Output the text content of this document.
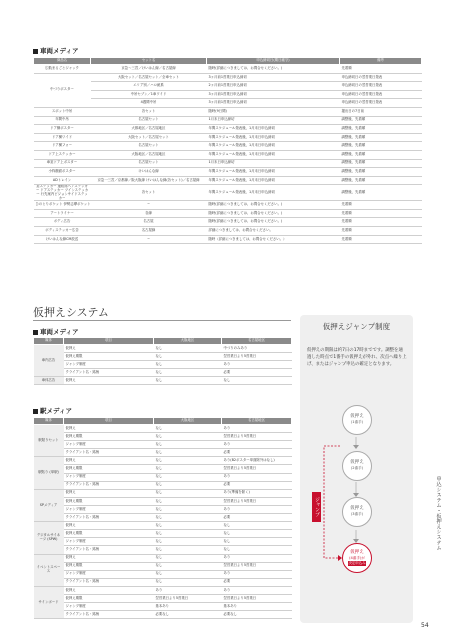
車両メディア
商品名	セット名	申込締切日(期日厳守)	備考
広軌まるごとジャック	京急〜三宮／けいはん線／名古屋線	随時(詳細につきましては、お問合せください。)	先着順
中づりポスター	大阪セット／名古屋セット／全車セット	3ヵ月前1営業日申込締切	申込締切日の翌営業日発表
	エリア別／ハロ統系	2ヵ月前1営業日申込締切	申込締切日の翌営業日発表
	中吊セブン／1車ワイド	3ヵ月前1営業日申込締切	申込締切日の翌営業日発表
	4週間中吊	3ヵ月前1営業日申込締切	申込締切日の翌営業日発表
スポット中吊	各セット	随時(9日間)	掲出日の7日前
年間中吊	名古屋セット	1月末日申込締切	調整後、先着順
ドア横ポスター	大都地区／名古屋地区	年間スケジュール発表後、1月末日申込締切	調整後、先着順
ドア横ワイド	大阪セット／名古屋セット	年間スケジュール発表後、1月末日申込締切	調整後、先着順
ドア横フォー	名古屋セット	年間スケジュール発表後、1月末日申込締切	調整後、先着順
ドア上ステッカー	大阪地区／名古屋地区	年間スケジュール発表後、1月末日申込締切	調整後、先着順
車窓ドア上ポスター	名古屋セット	1月末日申込締切	調整後、先着順
小枠額面ポスター	けいはんな線	年間スケジュール発表後、1月末日申込締切	調整後、先着順
ADトレイン	京急一三宮／京都線／阪大阪線 けいはんな線(各セット)／名古屋線	年間スケジュール発表後、1月末日申込締切	調整後、先着順
窓ステッカー 運転席ヘアステッカー ドアステッカー ツインステッカー 行先案内ビジョンサイドステッカー	各セット	年間スケジュール発表後、1月末日申込締切	調整後、先着順
ひのとりポケット 伊勢志摩ポケット	−	随時(詳細につきましては、お問合せください。)	先着順
アートライナー	各線	随時(詳細につきましては、お問合せください。)	先着順
ボディ広告	名古屋	随時(詳細につきましては、お問合せください。)	先着順
ボディステッカー広告	名古屋線	詳細につきましては、お問合せください。	先着順
けいはんな線CM放送	−	随時（詳細につきましては、お問合せください。）	先着順
仮押えシステム
車両メディア
媒体	項目	大阪地区	名古屋地区
車内広告	仮押え	なし	中づりのみあり
	仮押え期限	なし	翌営業日より5営業日
	ジャンプ制度	なし	あり
	クライアント名・銘柄	なし	必要
車体広告	仮押え	なし	なし
駅メディア
媒体	項目	大阪地区	名古屋地区
駅貼りセット	仮押え	なし	あり
	仮押え期限	なし	翌営業日より5営業日
	ジャンプ制度	なし	あり
	クライアント名・銘柄	なし	必要
駅貼り (単駅)	仮押え	なし	あり(B2ポスター単面除外はなし)
	仮押え期限	なし	翌営業日より5営業日
	ジャンプ制度	なし	あり
	クライアント名・銘柄	なし	必要
SPメディア	仮押え	なし	あり(準備を除く)
	仮押え期限	なし	翌営業日より5営業日
	ジャンプ制度	なし	あり
	クライアント名・銘柄	なし	必要
デジタルサイネージ (SPW)	仮押え	なし	なし
	仮押え期限	なし	なし
	ジャンプ制度	なし	なし
	クライアント名・銘柄	なし	なし
イベントスペース	仮押え	なし	あり
	仮押え期限	なし	翌営業日より5営業日
	ジャンプ制度	なし	あり
	クライアント名・銘柄	なし	必要
サインボード	仮押え	あり	あり
	仮押え期限	翌営業日より5営業日	翌営業日より5営業日
	ジャンプ制度	基本あり	基本あり
	クライアント名・銘柄	必要なし	必要なし
仮押えジャンプ制度
仮押えの期限は約7日の17時までです。調整を通過した時点で1番手の仮押えが外れ、次点へ繰り上げ、またはジャンプ申込の確定となります。
仮押え
(1番手)
仮押え
(2番手)
仮押え
(3番手)
仮押え
(4番手)が
決定申込み
ジャンプ	申込システム・仮押えシステム
54
